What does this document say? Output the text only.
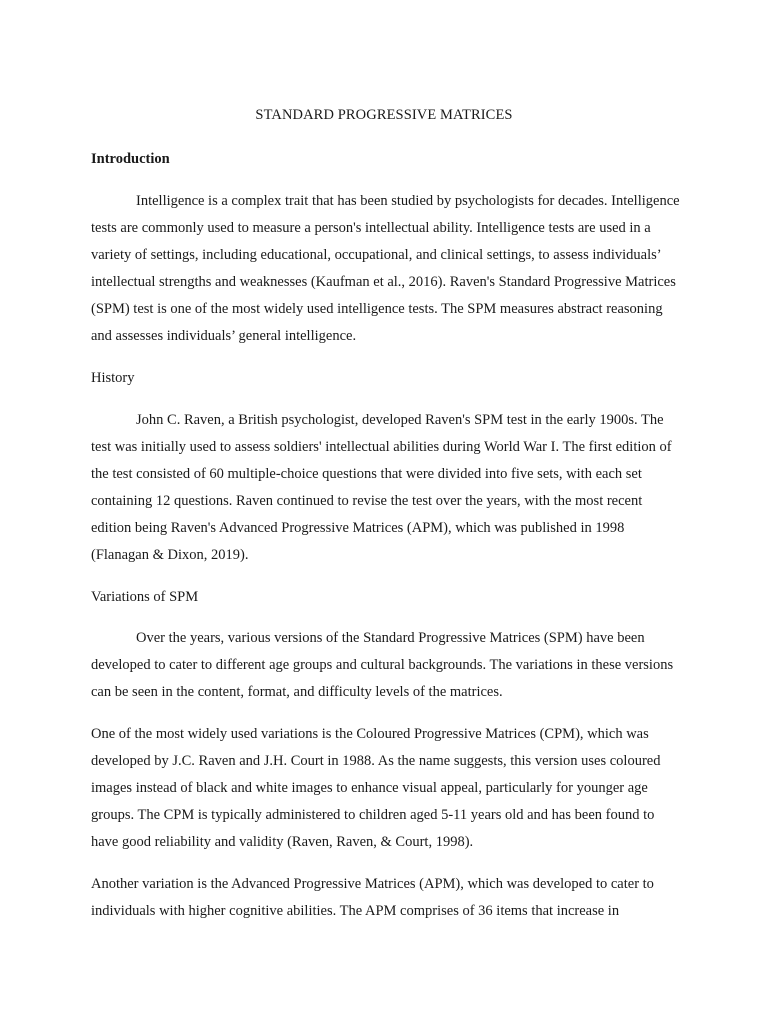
STANDARD PROGRESSIVE MATRICES
Introduction

Intelligence is a complex trait that has been studied by psychologists for decades. Intelligence tests are commonly used to measure a person's intellectual ability. Intelligence tests are used in a variety of settings, including educational, occupational, and clinical settings, to assess individuals’ intellectual strengths and weaknesses (Kaufman et al., 2016). Raven's Standard Progressive Matrices (SPM) test is one of the most widely used intelligence tests. The SPM measures abstract reasoning and assesses individuals’ general intelligence.

History

John C. Raven, a British psychologist, developed Raven's SPM test in the early 1900s. The test was initially used to assess soldiers' intellectual abilities during World War I. The first edition of the test consisted of 60 multiple-choice questions that were divided into five sets, with each set containing 12 questions. Raven continued to revise the test over the years, with the most recent edition being Raven's Advanced Progressive Matrices (APM), which was published in 1998 (Flanagan & Dixon, 2019).

Variations of SPM

Over the years, various versions of the Standard Progressive Matrices (SPM) have been developed to cater to different age groups and cultural backgrounds. The variations in these versions can be seen in the content, format, and difficulty levels of the matrices.

One of the most widely used variations is the Coloured Progressive Matrices (CPM), which was developed by J.C. Raven and J.H. Court in 1988. As the name suggests, this version uses coloured images instead of black and white images to enhance visual appeal, particularly for younger age groups. The CPM is typically administered to children aged 5-11 years old and has been found to have good reliability and validity (Raven, Raven, & Court, 1998).

Another variation is the Advanced Progressive Matrices (APM), which was developed to cater to individuals with higher cognitive abilities. The APM comprises of 36 items that increase in
